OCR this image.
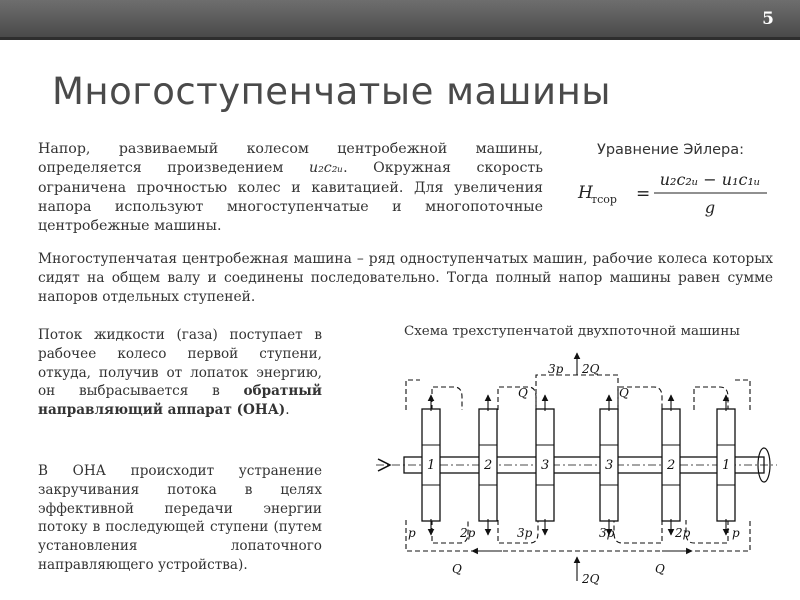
5
Многоступенчатые машины
Напор, развиваемый колесом центробежной машины, определяется произведением u₂c₂ᵤ. Окружная скорость ограничена прочностью колес и кавитацией. Для увеличения напора используют многоступенчатые и многопоточные центробежные машины.
Уравнение Эйлера:
H
тсор =
u₂c₂ᵤ − u₁c₁ᵤ
g
Многоступенчатая центробежная машина – ряд одноступенчатых машин, рабочие колеса которых сидят на общем валу и соединены последовательно. Тогда полный напор машины равен сумме напоров отдельных ступеней.
Поток жидкости (газа) поступает в рабочее колесо первой ступени, откуда, получив от лопаток энергию, он выбрасывается в обратный направляющий аппарат (ОНА).
В ОНА происходит устранение закручивания потока в целях эффективной передачи энергии потоку в последующей ступени (путем установления лопаточного направляющего устройства).
Схема трехступенчатой двухпоточной машины
1	2	3	3	2	1
3p 2Q
Q	Q
p	2p	3p	3p	2p	p
Q	Q
2Q
